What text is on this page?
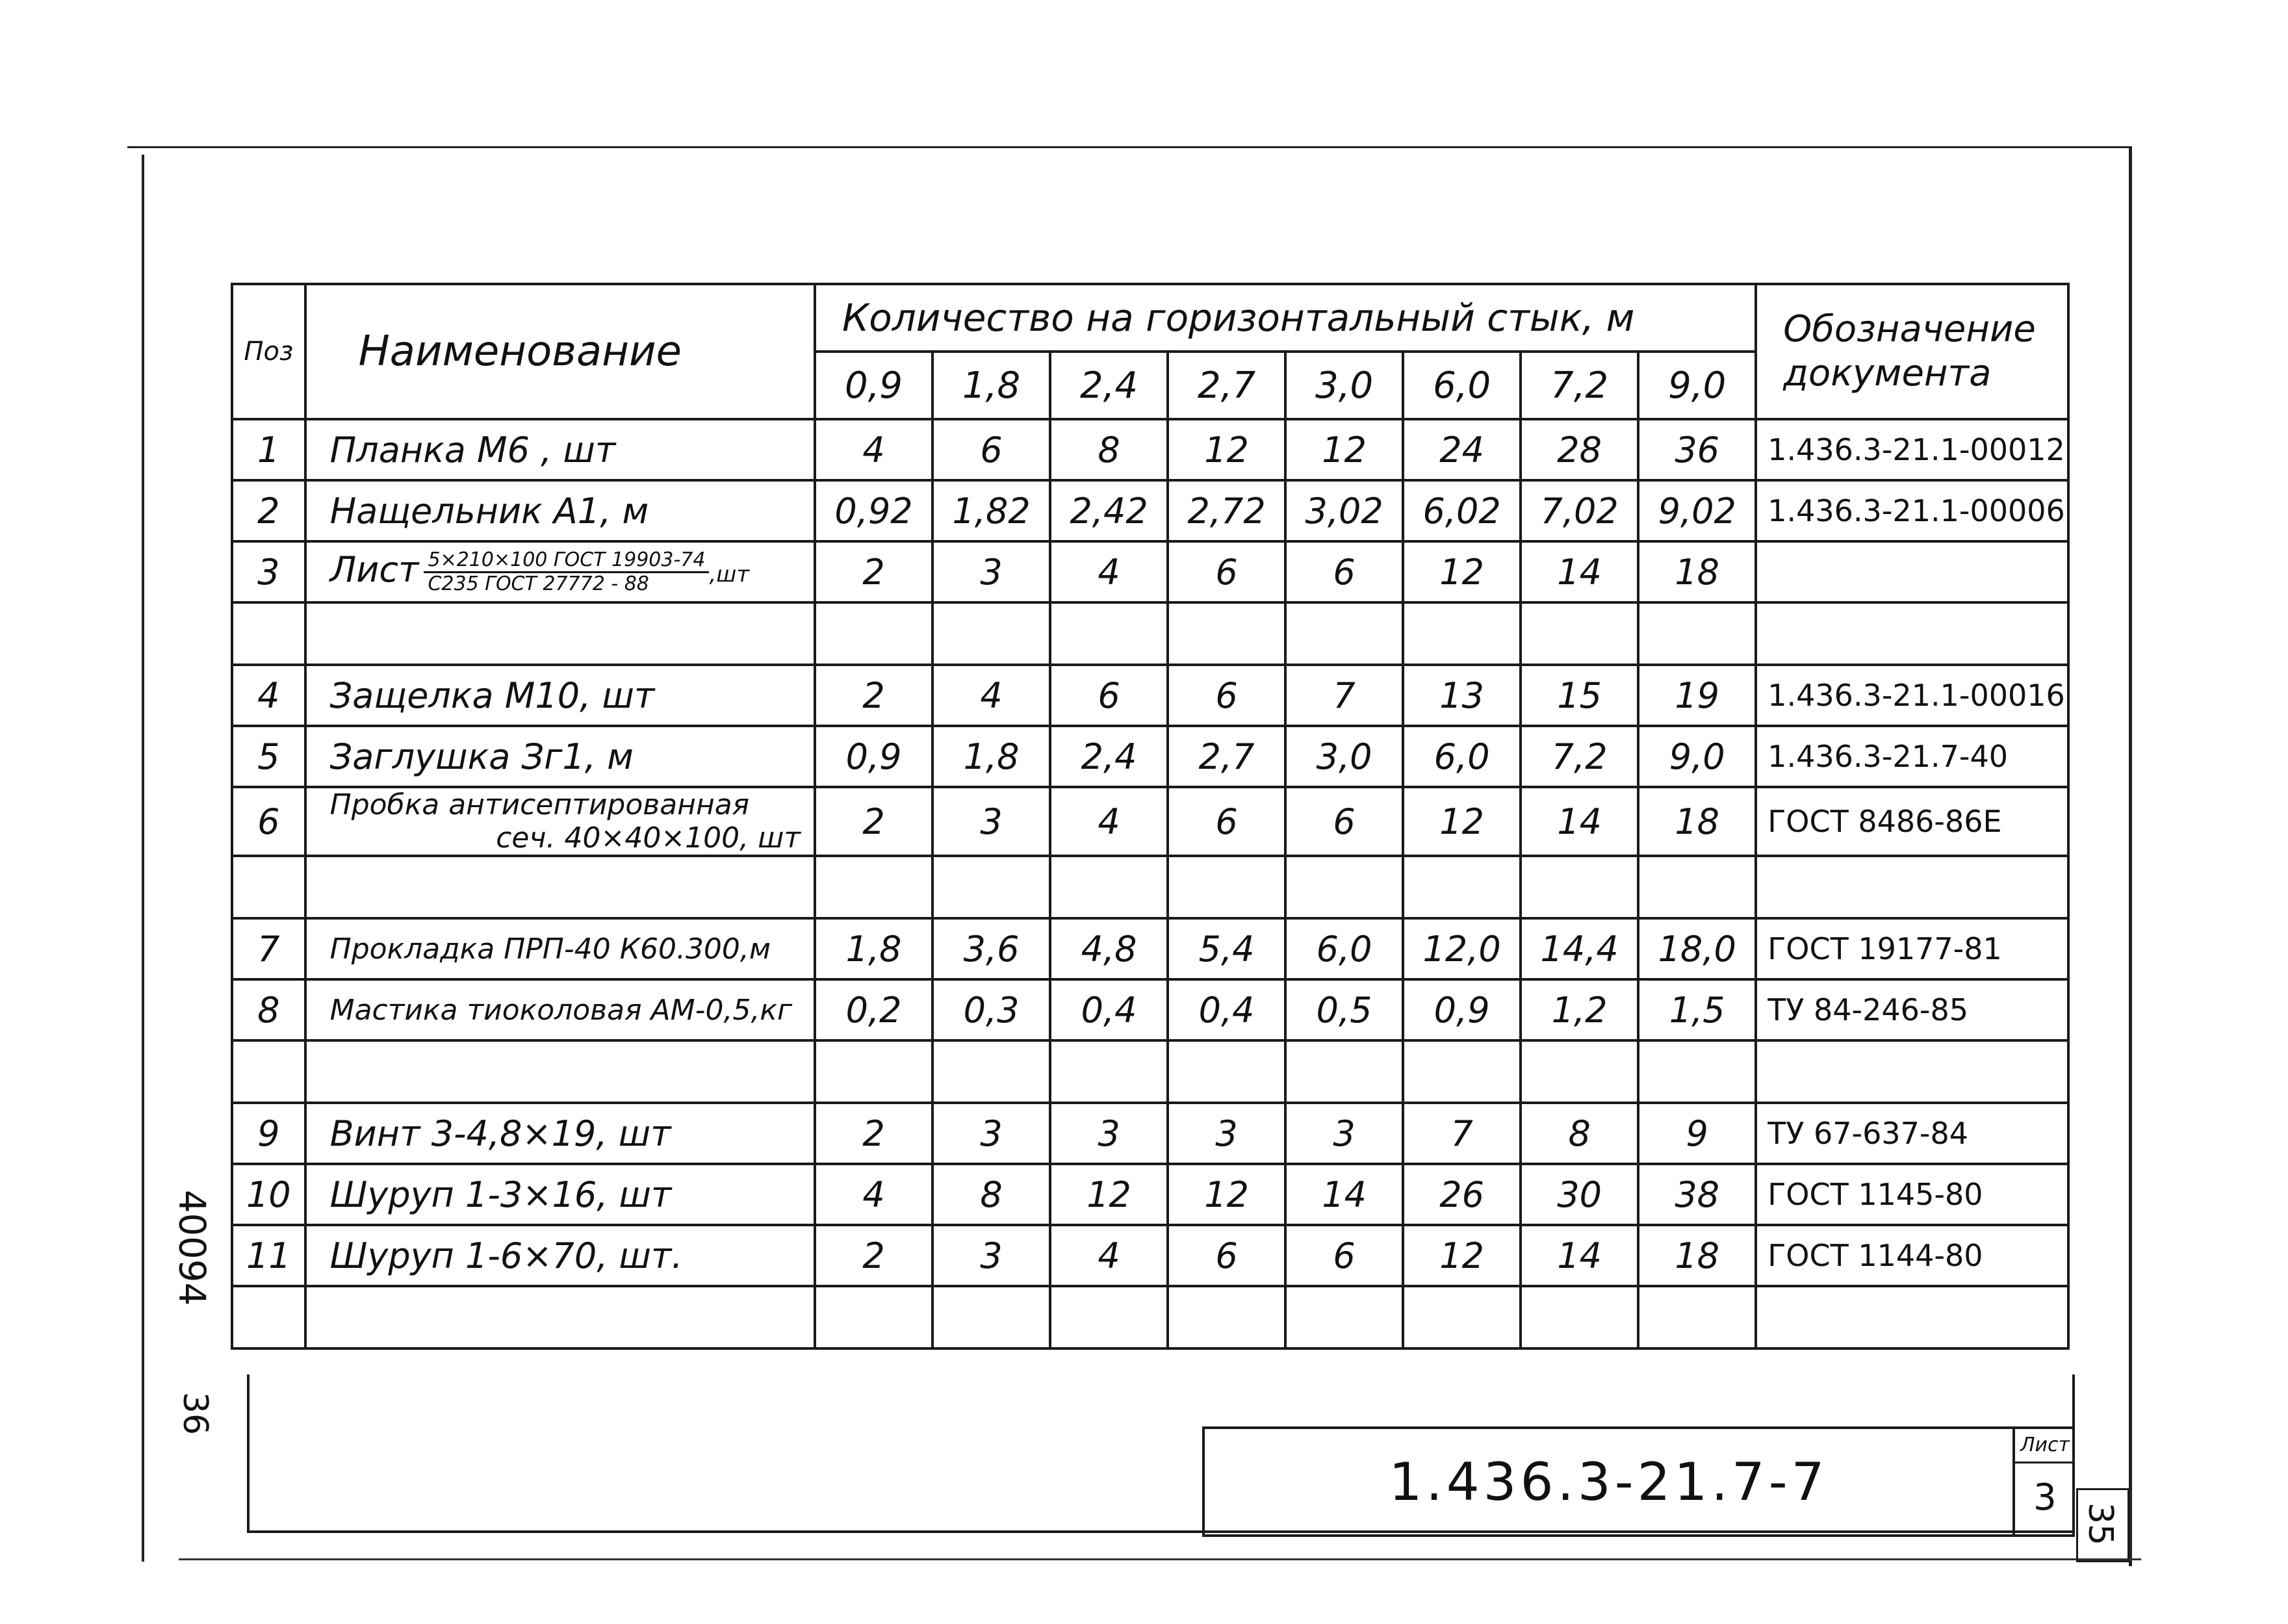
Поз	Наименование	Количество на горизонтальный стык, м								Обозначение
документа
		0,9	1,8	2,4	2,7	3,0	6,0	7,2	9,0	
1	Планка М6 , шт	4	6	8	12	12	24	28	36	1.436.3-21.1-00012
2	Нащельник А1, м	0,92	1,82	2,42	2,72	3,02	6,02	7,02	9,02	1.436.3-21.1-00006
3	Лист $\frac{\text{5×210×100 ГОСТ 19903-74}}{\text{С235 ГОСТ 27772 - 88}} ,шт$	2	3	4	6	6	12	14	18	

4	Защелка М10, шт	2	4	6	6	7	13	15	19	1.436.3-21.1-00016
5	Заглушка Зг1, м	0,9	1,8	2,4	2,7	3,0	6,0	7,2	9,0	1.436.3-21.7-40
6	Пробка антисептированная
сеч. 40×40×100, шт	2	3	4	6	6	12	14	18	ГОСТ 8486-86Е

7	Прокладка ПРП-40 К60.300,м	1,8	3,6	4,8	5,4	6,0	12,0	14,4	18,0	ГОСТ 19177-81
8	Мастика тиоколовая АМ-0,5,кг	0,2	0,3	0,4	0,4	0,5	0,9	1,2	1,5	ТУ 84-246-85

9	Винт 3-4,8×19, шт	2	3	3	3	3	7	8	9	ТУ 67-637-84
10	Шуруп 1-3×16, шт	4	8	12	12	14	26	30	38	ГОСТ 1145-80
11	Шуруп 1-6×70, шт.	2	3	4	6	6	12	14	18	ГОСТ 1144-80

1.436.3-21.7-7
Лист
3
35
40094
36
